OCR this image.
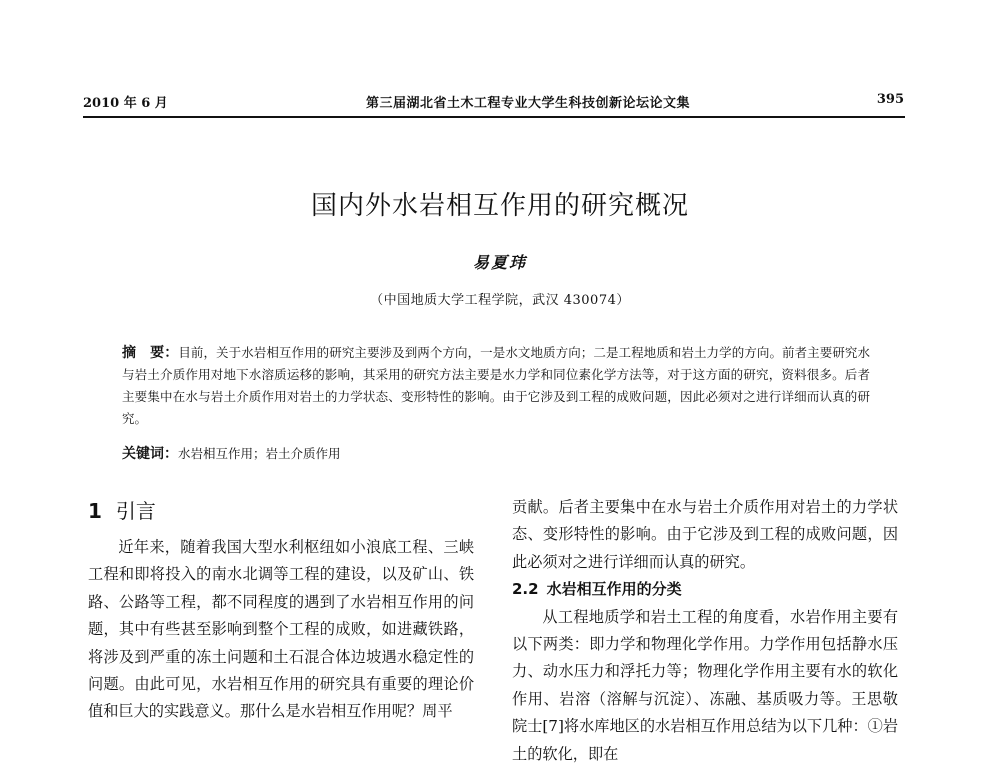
2010 年 6 月	第三届湖北省土木工程专业大学生科技创新论坛论文集	395
国内外水岩相互作用的研究概况
易夏玮
（中国地质大学工程学院，武汉 430074）
摘　要：目前，关于水岩相互作用的研究主要涉及到两个方向，一是水文地质方向；二是工程地质和岩土力学的方向。前者主要研究水与岩土介质作用对地下水溶质运移的影响，其采用的研究方法主要是水力学和同位素化学方法等，对于这方面的研究，资料很多。后者主要集中在水与岩土介质作用对岩土的力学状态、变形特性的影响。由于它涉及到工程的成败问题，因此必须对之进行详细而认真的研究。
关键词：水岩相互作用；岩土介质作用
1 引言

近年来，随着我国大型水利枢纽如小浪底工程、三峡工程和即将投入的南水北调等工程的建设，以及矿山、铁路、公路等工程，都不同程度的遇到了水岩相互作用的问题，其中有些甚至影响到整个工程的成败，如进藏铁路，将涉及到严重的冻土问题和土石混合体边坡遇水稳定性的问题。由此可见，水岩相互作用的研究具有重要的理论价值和巨大的实践意义。那什么是水岩相互作用呢？周平

贡献。后者主要集中在水与岩土介质作用对岩土的力学状态、变形特性的影响。由于它涉及到工程的成败问题，因此必须对之进行详细而认真的研究。

2.2 水岩相互作用的分类

从工程地质学和岩土工程的角度看，水岩作用主要有以下两类：即力学和物理化学作用。力学作用包括静水压力、动水压力和浮托力等；物理化学作用主要有水的软化作用、岩溶（溶解与沉淀）、冻融、基质吸力等。王思敬院士[7]将水库地区的水岩相互作用总结为以下几种：①岩土的软化，即在
